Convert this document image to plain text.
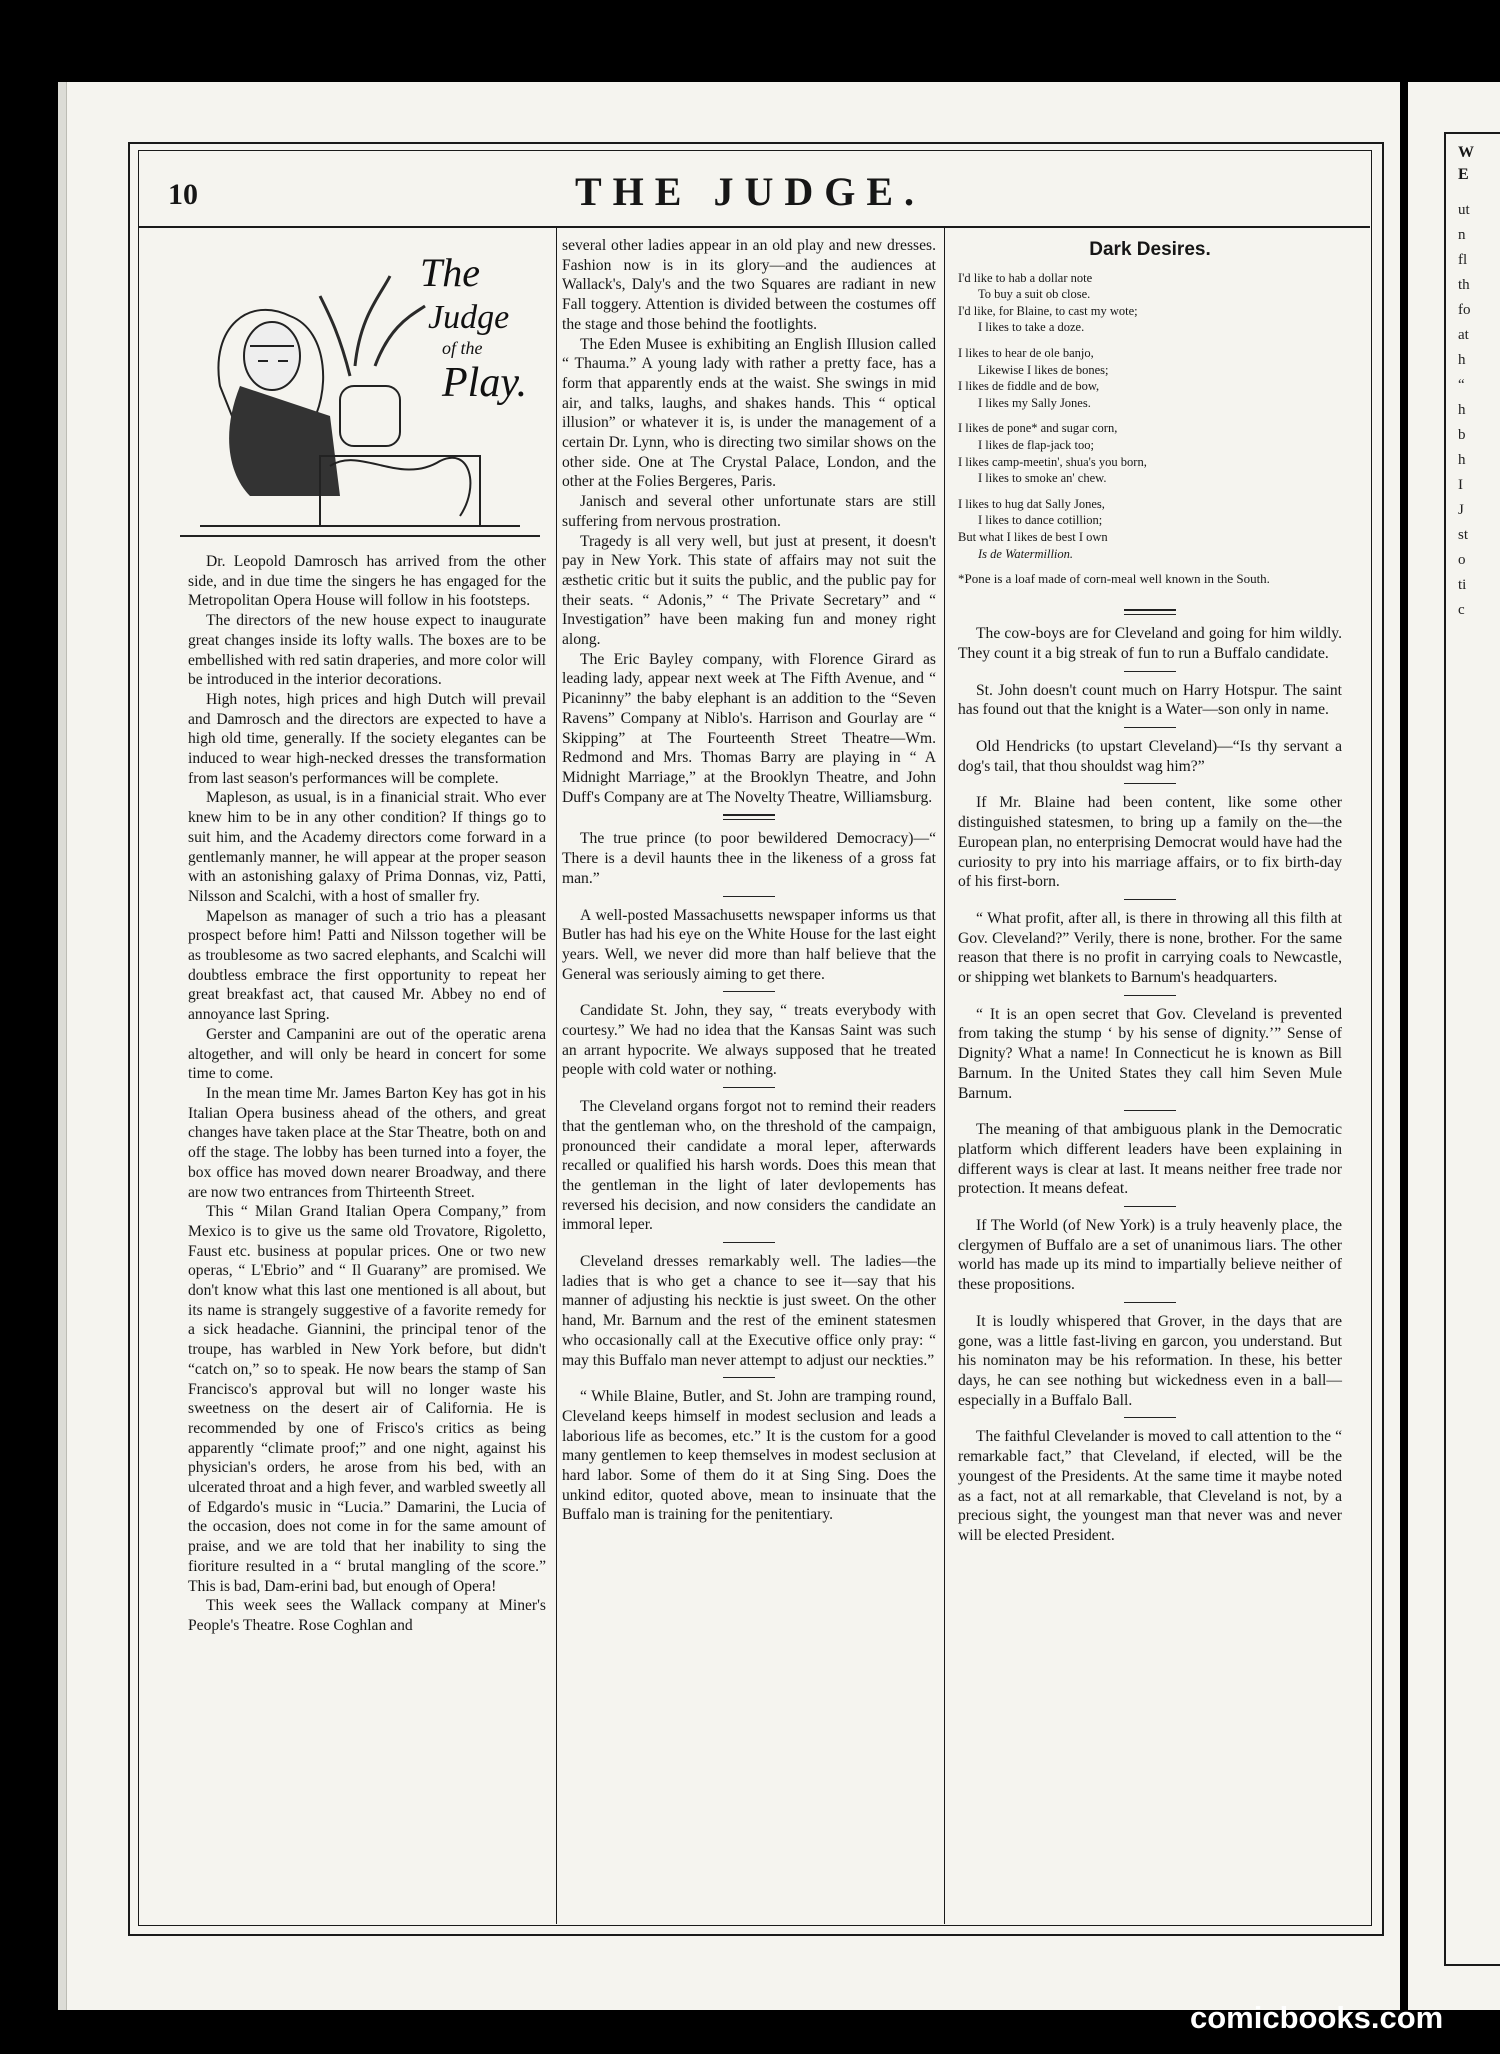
W
E
ut
n
fl
th
fo
at
h
“
h
b
h
I
J
st
o
ti
c
10	THE JUDGE.
The
Judge
of the
Play.

Dr. Leopold Damrosch has arrived from the other side, and in due time the singers he has engaged for the Metropolitan Opera House will follow in his footsteps.

The directors of the new house expect to inaugurate great changes inside its lofty walls. The boxes are to be embellished with red satin draperies, and more color will be introduced in the interior decorations.

High notes, high prices and high Dutch will prevail and Damrosch and the directors are expected to have a high old time, generally. If the society elegantes can be induced to wear high-necked dresses the transformation from last season's performances will be complete.

Mapleson, as usual, is in a finanicial strait. Who ever knew him to be in any other condition? If things go to suit him, and the Academy directors come forward in a gentlemanly manner, he will appear at the proper season with an astonishing galaxy of Prima Donnas, viz, Patti, Nilsson and Scalchi, with a host of smaller fry.

Mapelson as manager of such a trio has a pleasant prospect before him! Patti and Nilsson together will be as troublesome as two sacred elephants, and Scalchi will doubtless embrace the first opportunity to repeat her great breakfast act, that caused Mr. Abbey no end of annoyance last Spring.

Gerster and Campanini are out of the operatic arena altogether, and will only be heard in concert for some time to come.

In the mean time Mr. James Barton Key has got in his Italian Opera business ahead of the others, and great changes have taken place at the Star Theatre, both on and off the stage. The lobby has been turned into a foyer, the box office has moved down nearer Broadway, and there are now two entrances from Thirteenth Street.

This “ Milan Grand Italian Opera Company,” from Mexico is to give us the same old Trovatore, Rigoletto, Faust etc. business at popular prices. One or two new operas, “ L'Ebrio” and “ Il Guarany” are promised. We don't know what this last one mentioned is all about, but its name is strangely suggestive of a favorite remedy for a sick headache. Giannini, the principal tenor of the troupe, has warbled in New York before, but didn't “catch on,” so to speak. He now bears the stamp of San Francisco's approval but will no longer waste his sweetness on the desert air of California. He is recommended by one of Frisco's critics as being apparently “climate proof;” and one night, against his physician's orders, he arose from his bed, with an ulcerated throat and a high fever, and warbled sweetly all of Edgardo's music in “Lucia.” Damarini, the Lucia of the occasion, does not come in for the same amount of praise, and we are told that her inability to sing the fioriture resulted in a “ brutal mangling of the score.” This is bad, Dam-erini bad, but enough of Opera!

This week sees the Wallack company at Miner's People's Theatre. Rose Coghlan and

several other ladies appear in an old play and new dresses. Fashion now is in its glory—and the audiences at Wallack's, Daly's and the two Squares are radiant in new Fall toggery. Attention is divided between the costumes off the stage and those behind the footlights.

The Eden Musee is exhibiting an English Illusion called “ Thauma.” A young lady with rather a pretty face, has a form that apparently ends at the waist. She swings in mid air, and talks, laughs, and shakes hands. This “ optical illusion” or whatever it is, is under the management of a certain Dr. Lynn, who is directing two similar shows on the other side. One at The Crystal Palace, London, and the other at the Folies Bergeres, Paris.

Janisch and several other unfortunate stars are still suffering from nervous prostration.

Tragedy is all very well, but just at present, it doesn't pay in New York. This state of affairs may not suit the æsthetic critic but it suits the public, and the public pay for their seats. “ Adonis,” “ The Private Secretary” and “ Investigation” have been making fun and money right along.

The Eric Bayley company, with Florence Girard as leading lady, appear next week at The Fifth Avenue, and “ Picaninny” the baby elephant is an addition to the “Seven Ravens” Company at Niblo's. Harrison and Gourlay are “ Skipping” at The Fourteenth Street Theatre—Wm. Redmond and Mrs. Thomas Barry are playing in “ A Midnight Marriage,” at the Brooklyn Theatre, and John Duff's Company are at The Novelty Theatre, Williamsburg.

The true prince (to poor bewildered Democracy)—“ There is a devil haunts thee in the likeness of a gross fat man.”

A well-posted Massachusetts newspaper informs us that Butler has had his eye on the White House for the last eight years. Well, we never did more than half believe that the General was seriously aiming to get there.

Candidate St. John, they say, “ treats everybody with courtesy.” We had no idea that the Kansas Saint was such an arrant hypocrite. We always supposed that he treated people with cold water or nothing.

The Cleveland organs forgot not to remind their readers that the gentleman who, on the threshold of the campaign, pronounced their candidate a moral leper, afterwards recalled or qualified his harsh words. Does this mean that the gentleman in the light of later devlopements has reversed his decision, and now considers the candidate an immoral leper.

Cleveland dresses remarkably well. The ladies—the ladies that is who get a chance to see it—say that his manner of adjusting his necktie is just sweet. On the other hand, Mr. Barnum and the rest of the eminent statesmen who occasionally call at the Executive office only pray: “ may this Buffalo man never attempt to adjust our neckties.”

“ While Blaine, Butler, and St. John are tramping round, Cleveland keeps himself in modest seclusion and leads a laborious life as becomes, etc.” It is the custom for a good many gentlemen to keep themselves in modest seclusion at hard labor. Some of them do it at Sing Sing. Does the unkind editor, quoted above, mean to insinuate that the Buffalo man is training for the penitentiary.

Dark Desires.
I'd like to hab a dollar note
To buy a suit ob close.
I'd like, for Blaine, to cast my wote;
I likes to take a doze.
I likes to hear de ole banjo,
Likewise I likes de bones;
I likes de fiddle and de bow,
I likes my Sally Jones.
I likes de pone* and sugar corn,
I likes de flap-jack too;
I likes camp-meetin', shua's you born,
I likes to smoke an' chew.
I likes to hug dat Sally Jones,
I likes to dance cotillion;
But what I likes de best I own
Is de Watermillion.

*Pone is a loaf made of corn-meal well known in the South.

The cow-boys are for Cleveland and going for him wildly. They count it a big streak of fun to run a Buffalo candidate.

St. John doesn't count much on Harry Hotspur. The saint has found out that the knight is a Water—son only in name.

Old Hendricks (to upstart Cleveland)—“Is thy servant a dog's tail, that thou shouldst wag him?”

If Mr. Blaine had been content, like some other distinguished statesmen, to bring up a family on the—the European plan, no enterprising Democrat would have had the curiosity to pry into his marriage affairs, or to fix birth-day of his first-born.

“ What profit, after all, is there in throwing all this filth at Gov. Cleveland?” Verily, there is none, brother. For the same reason that there is no profit in carrying coals to Newcastle, or shipping wet blankets to Barnum's headquarters.

“ It is an open secret that Gov. Cleveland is prevented from taking the stump ‘ by his sense of dignity.’” Sense of Dignity? What a name! In Connecticut he is known as Bill Barnum. In the United States they call him Seven Mule Barnum.

The meaning of that ambiguous plank in the Democratic platform which different leaders have been explaining in different ways is clear at last. It means neither free trade nor protection. It means defeat.

If The World (of New York) is a truly heavenly place, the clergymen of Buffalo are a set of unanimous liars. The other world has made up its mind to impartially believe neither of these propositions.

It is loudly whispered that Grover, in the days that are gone, was a little fast-living en garcon, you understand. But his nominaton may be his reformation. In these, his better days, he can see nothing but wickedness even in a ball—especially in a Buffalo Ball.

The faithful Clevelander is moved to call attention to the “ remarkable fact,” that Cleveland, if elected, will be the youngest of the Presidents. At the same time it maybe noted as a fact, not at all remarkable, that Cleveland is not, by a precious sight, the youngest man that never was and never will be elected President.

comicbooks.com
